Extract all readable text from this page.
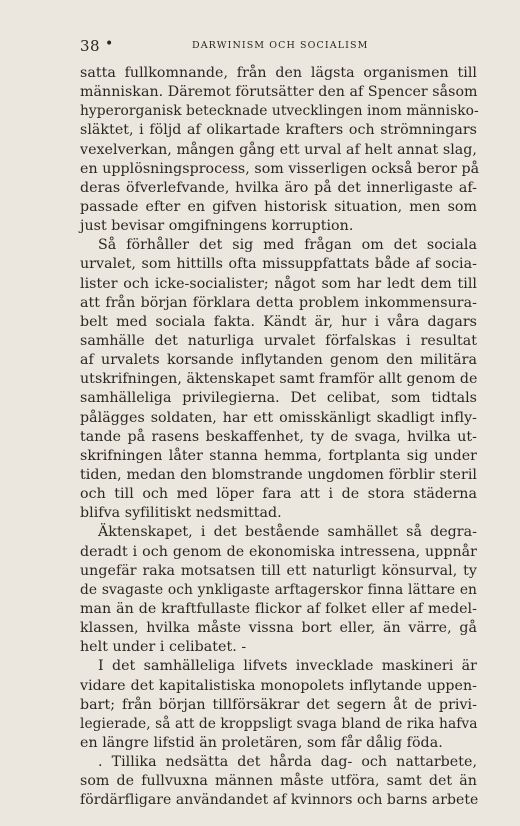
38 •	DARWINISM OCH SOCIALISM
satta fullkomnande, från den lägsta organismen till
människan. Däremot förutsätter den af Spencer såsom
hyperorganisk betecknade utvecklingen inom människo-
släktet, i följd af olikartade krafters och strömningars
vexelverkan, mången gång ett urval af helt annat slag,
en upplösningsprocess, som visserligen också beror på
deras öfverlefvande, hvilka äro på det innerligaste af-
passade efter en gifven historisk situation, men som
just bevisar omgifningens korruption.
Så förhåller det sig med frågan om det sociala
urvalet, som hittills ofta missuppfattats både af socia-
lister och icke-socialister; något som har ledt dem till
att från början förklara detta problem inkommensura-
belt med sociala fakta. Kändt är, hur i våra dagars
samhälle det naturliga urvalet förfalskas i resultat
af urvalets korsande inflytanden genom den militära
utskrifningen, äktenskapet samt framför allt genom de
samhälleliga privilegierna. Det celibat, som tidtals
pålägges soldaten, har ett omisskänligt skadligt infly-
tande på rasens beskaffenhet, ty de svaga, hvilka ut-
skrifningen låter stanna hemma, fortplanta sig under
tiden, medan den blomstrande ungdomen förblir steril
och till och med löper fara att i de stora städerna
blifva syfilitiskt nedsmittad.
Äktenskapet, i det bestående samhället så degra-
deradt i och genom de ekonomiska intressena, uppnår
ungefär raka motsatsen till ett naturligt könsurval, ty
de svagaste och ynkligaste arftagerskor finna lättare en
man än de kraftfullaste flickor af folket eller af medel-
klassen, hvilka måste vissna bort eller, än värre, gå
helt under i celibatet. -
I det samhälleliga lifvets invecklade maskineri är
vidare det kapitalistiska monopolets inflytande uppen-
bart; från början tillförsäkrar det segern åt de privi-
legierade, så att de kroppsligt svaga bland de rika hafva
en längre lifstid än proletären, som får dålig föda.
. Tillika nedsätta det hårda dag- och nattarbete,
som de fullvuxna männen måste utföra, samt det än
fördärfligare användandet af kvinnors och barns arbete
